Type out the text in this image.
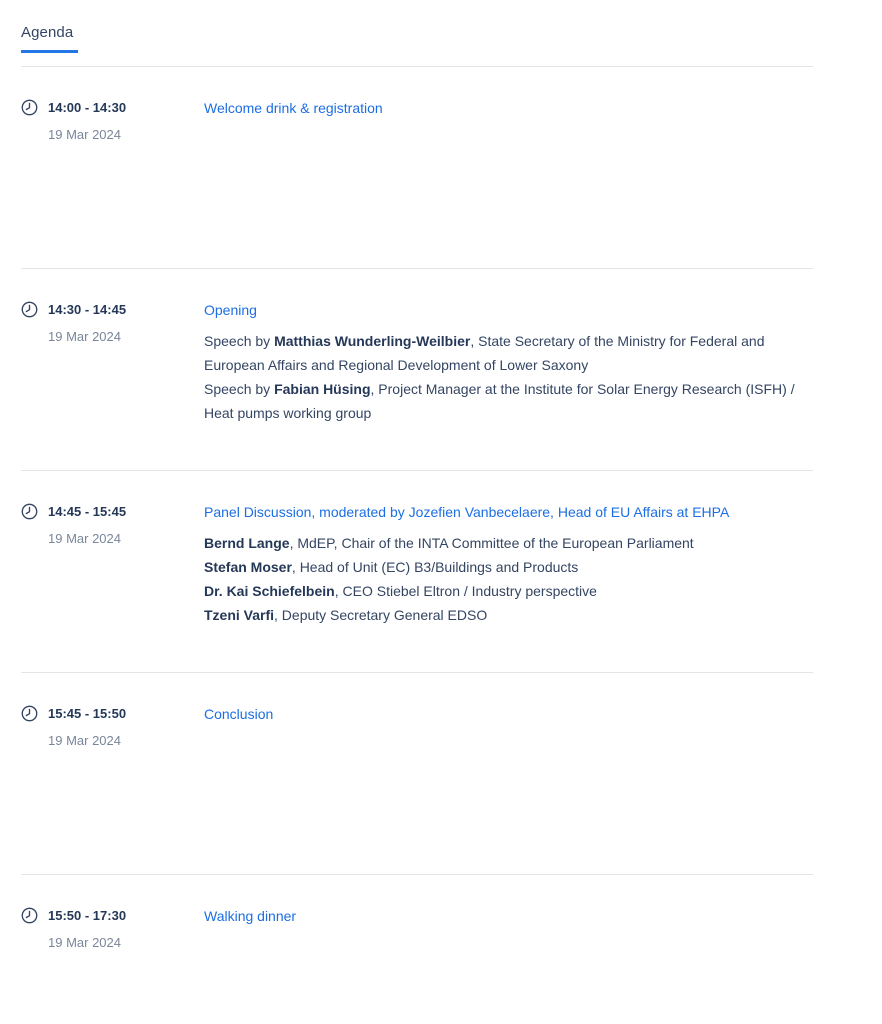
Agenda
14:00 - 14:30
19 Mar 2024
Welcome drink & registration
14:30 - 14:45
19 Mar 2024
Opening
Speech by Matthias Wunderling-Weilbier, State Secretary of the Ministry for Federal and European Affairs and Regional Development of Lower Saxony
Speech by Fabian Hüsing, Project Manager at the Institute for Solar Energy Research (ISFH) / Heat pumps working group
14:45 - 15:45
19 Mar 2024
Panel Discussion, moderated by Jozefien Vanbecelaere, Head of EU Affairs at EHPA
Bernd Lange, MdEP, Chair of the INTA Committee of the European Parliament
Stefan Moser, Head of Unit (EC) B3/Buildings and Products
Dr. Kai Schiefelbein, CEO Stiebel Eltron / Industry perspective
Tzeni Varfi, Deputy Secretary General EDSO
15:45 - 15:50
19 Mar 2024
Conclusion
15:50 - 17:30
19 Mar 2024
Walking dinner
